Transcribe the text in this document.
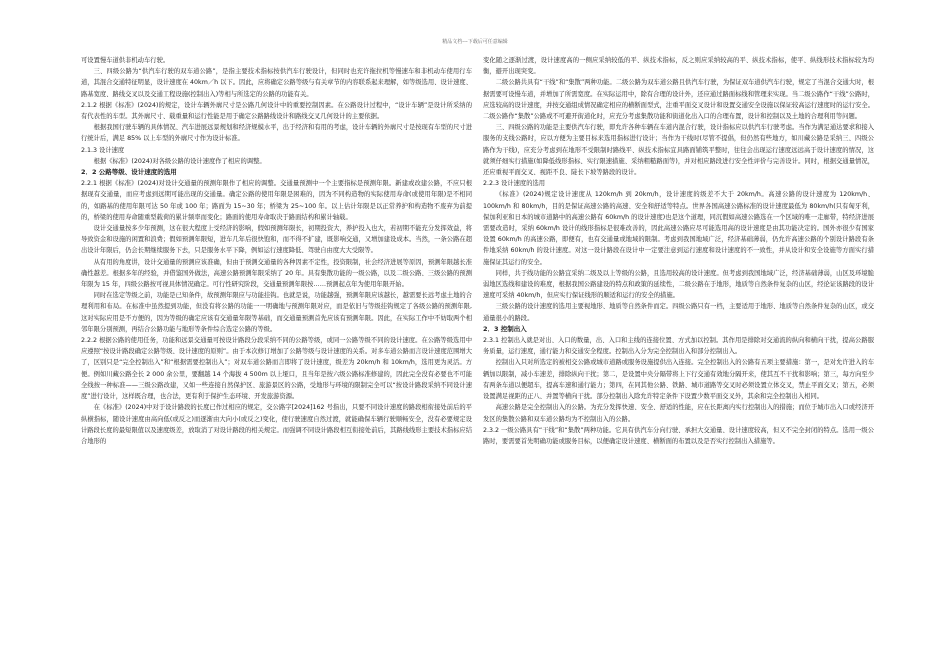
精品文档---下载后可任意编辑

可设置慢车道供非机动车行驶。

三、四级公路为“供汽车行驶的双车道公路”，是指主要技术指标按供汽车行驶设计，但同时也充许拖拉机等慢速车和非机动车使用行车道，其混合交通特征明显，设计速度在 40km／h 以下。因此，应将确定公路等级与有关章节的内容联系起来理解，如等级选用、设计速度、路基宽度、路线交叉以及交通工程设施(控制出入)等相与所选定的公路的功能有关。

2.1.2 根据《标准》(2024)的规定，设计车辆外廓尺寸是公路几何设计中的重要控制因素。在公路设计过程中，“设计车辆”是设计所采纳的有代表性的车型。其外廓尺寸、载重量和运行性能是用于确定公路路线设计和路线交叉几何设计的主要依据。

根据我国行驶车辆的具体情况、汽车进展远景规划和经济规模水平，出于经济和有用的考虑，设计车辆的外廓尺寸是按现有车型的尺寸进行统计后，满足 85% 以上车型的外廓尺寸作为设计标准。

2.1.3 设计速度

根据《标准》(2024)对各级公路的设计速度作了相应的调整。

2．2 公路等级、设计速度的选用
2.2.1 根据《标准》(2024)对设计交通量的预测年限作了相应的调整。交通量预测中一个主要指标是预测年限。新建或改建公路，不应只根据现有交通量，而应考虑到远期可能出现的交通量。确定公路的使用年限是困难的，因为不同构造物的实际使用寿命(或使用年限)是不相同的，如路基的使用年限可达 50 年或 100 年；路面为 15~30 年；桥梁为 25~100 年。以上估计年限是以正常养护和构造物不废弃为前提的，桥梁的使用寿命随重型载荷的累计频率而变化；路面的使用寿命取决于路面结构和累计轴载。

设计交通量按多少年预测，这在很大程度上受经济的影响，假如预测年限长，初期投资大，养护投入也大，若初期不能充分发挥效益，将导致资金和设施的闲置和浪费；假如预测年限短，进车几年后很快饱和，而不得不扩建，既影响交通，又增加建设成本。当然，一条公路在超出设计年限后，仍会长期继续服务下去，只是服务水平下降，例如运行速度降低、驾驶自由度大大受限等。

从有用的角度讲，设计交通量的预测应该准确，但由于预测交通量的各种因素不定性，投资限制，社会经济进展等原因，预测年限越长准确性越差。根据多年的经验，并借鉴国外做法，高速公路预测年限采纳了 20 年。具有集散功能的一级公路，以及二级公路、三级公路的预测年限为 15 年，四级公路按可视具体情况确定。可行性研究阶段，交通量预测年限按……预测起点年为使用年限开始。

同时在选定等级之前，功能是已知条件，故预测年限应与功能挂钩。也就是说，功能越强，预测年限应该越长，越需要长远考虑土地的合理利用和布局。在标准中虽然提到功能，但没有将公路的功能一一明确地与预测年限对应，而是依旧与等级挂钩规定了各级公路的预测年限,这对实际应用是不方便的，因为等级的确定应该有交通量年限等基础，而交通量预测首先应该有预测年限。因此，在实际工作中不妨取两个相邻年限分别预测，再结合公路功能与地形等条件综合选定公路的等级。

2.2.2 根据公路的使用任务，功能和远景交通量可按设计路段分段采纳不同的公路等级，或同一公路等级不同的设计速度。在公路等级选用中应遵照“按设计路段确定公路等级、设计速度的原则”。由于本次修订增加了公路等级与设计速度的关系。对多车道公路而言设计速度范围增大了，区别只是“完全控制出入”和“根据需要控制出入”；对双车道公路而言即将了设计速度，级差为 20km/h 和 10km/h，选用更为灵活。方便。例如川藏公路全长 2 000 余公里，要翻越 14 个海拔 4 500m 以上垭口，且当年是按六级公路标准修建的，因此完全没有必要也不可能全线按一种标准——三级公路改建，又如一些连接自然保护区、旅游景区的公路，受地形与环境的限制完全可以“按设计路段采纳不同设计速度”进行设计，这样既合理，也合法，更有利于保护生态环境、开发旅游资源。

在《标准》(2024)中对于设计路段的长度已作过相应的规定，交公路字[2024]162 号指出，只要不同设计速度的路段相衔接处前后的平纵横指标，随设计速度由高向低(或反之)而逐渐由大向小(或反之)变化，使行驶速度自然过渡，就能确保车辆行驶顺畅安全，没有必要规定设计路段长度的最短限值以及速度级差，放取消了对设计路段的相关规定。而强调不同设计路段相互衔接处前后，其路线线形主要技术指标应结合地形的

变化随之逐渐过渡，设计速度高的一侧应采纳较低的平、纵技术指标，反之则应采纳较高的平、纵技术指标，使平、纵线形技术指标较为均衡，避开出现突变。

二级公路共具有“干线”和“集散”两种功能。二级公路为双车道公路且供汽车行驶，为保证双车道供汽车行驶，规定了当混合交通大时，根据需要可设慢车道，并增加了所需宽度。在实际运用中，除有合理的设计外，还应通过路面标线和管理来实现。当二级公路作“干线”公路时，应选较高的设计速度，并按交通组成情况确定相应的横断面型式，注重平面交叉设计和设置交通安全设施以保证较高运行速度时的运行安全。二级公路作“集散”公路或不可避开街道化时，应充分考虑集散功能和街道化出入口的合理布置，设计和控制以及土地的合理利用等问题。

三、四级公路的功能是主要供汽车行驶，即允许各种车辆在车道内混合行驶，设计指标应以供汽车行驶考虑。当作为满足通达要求和接入服务的支线公路时，应以方便为主要目标来选用指标进行设计；当作为干线时(尽管不提倡，但仍然有些地方，如川藏公路是采纳三、四级公路作为干线)，应充分考虑到在地形不受限制时路线平、纵技术指标宜具路面铺筑平整时，往往会出现运行速度远远高于设计速度的情况，这就须仔细实行措施(如降低线形指标、实行限速措施、采纳粗糙路面等)，并对相应路段进行安全性评价与完善设计。同时，根据交通量情况，还应重视平面交叉、视距不良、陡长下坡等路段的设计。

2.2.3 设计速度的选用

《标准》(2024)规定设计速度从 120km/h 到 20km/h，设计速度的级差不大于 20km/h。高速公路的设计速度为 120km/h、100km/h 和 80km/h，目的是保证高速公路的高速、安全和舒适等特点。世界各国高速公路标准的设计速度最低为 80km/h(只有匈牙利，保加利亚和日本的城市道路中的高速公路有 60km/h 的设计速度)也是这个道理，同沉假如高速公路选在一个区域的唯一走廊带，特经济进展需要改造时，采纳 60km/h 设计的线形指标是很难改善的，因此高速公路应尽可能选用高的设计速度是由其功能决定的。国外亦很少有国家设置 60km/h 的高速公路，即便有，也有交通量或地域的限制。考虑到我国地域广泛，经济基础薄弱，仍允许高速公路的个别设计路段有条件地采纳 60km/h 的设计速度。对这一设计路段在设计中一定要注意到运行速度和设计速度的不一致性，并从设计和安全设施等方面实行措施保证其运行的安全。

同样，共于线功能的公路宜采纳二级及以上等级的公路，且选用较高的设计速度。但考虑到我国地域广泛，经济基础薄弱，山区及环境脆弱地区选线和建设的难度，根据我国公路建设的特点和政策的延续性，二级公路在于地形，地质等自然条件复杂的山区，经论证该路段的设计速度可采纳 40km/h，但应实行保证线形的顺适和运行的安全的措施。

三级公路的设计速度的选用主要视地形、地质等自然条件而定。四级公路只有一档，主要适用于地形、地质等自然条件复杂的山区，或交通量很小的路段。

2．3 控制出入
2.3.1 控制出入就是对出、入口的数量，出、入口和主线的连接位置、方式加以控制。其作用是排除对交通流的纵向和横向干扰，提高公路服务质量，运行速度，通行能力和交通安全程度。控制出入分为完全控制出入和部分控制出入。

控制出入只对所选定的被相交公路或城市道路或服务设施提供出入连接。完全控制出入的公路有五项主要措施：第一，是对允许进入的车辆加以限制，减小车速差，排除纵向干扰；第二，是设置中央分隔带将上下行交通有效地分隔开来，使其互不干扰和影响；第三，每方向至少有两条车道以便超车，提高车速和通行能力；第四，在同其他公路、铁路、城市道路等交叉时必须设置立体交叉，禁止平面交叉；第五，必须设置满足视距的正八、并置等横向干扰。部分控制出入除允许特定条件下设置少数平面交叉外，其余和完全控制出入相同。

高速公路是完全控制出入的公路。为充分发挥快速、安全、舒适的性能，应在长距离内实行控制出入的措施；而位于城市出入口或经济开发区的集散公路和双车道公路均为不控制出入的公路。

2.3.2 一级公路具有“干线”和“集散”两种功能。它具有供汽车分向行驶、承担大交通量、设计速度较高，但又不完全封闭的特点。选用一级公路时，要需要首先明确功能或服务目标，以便确定设计速度、横断面的布置以及是否实行控制出入措施等。
